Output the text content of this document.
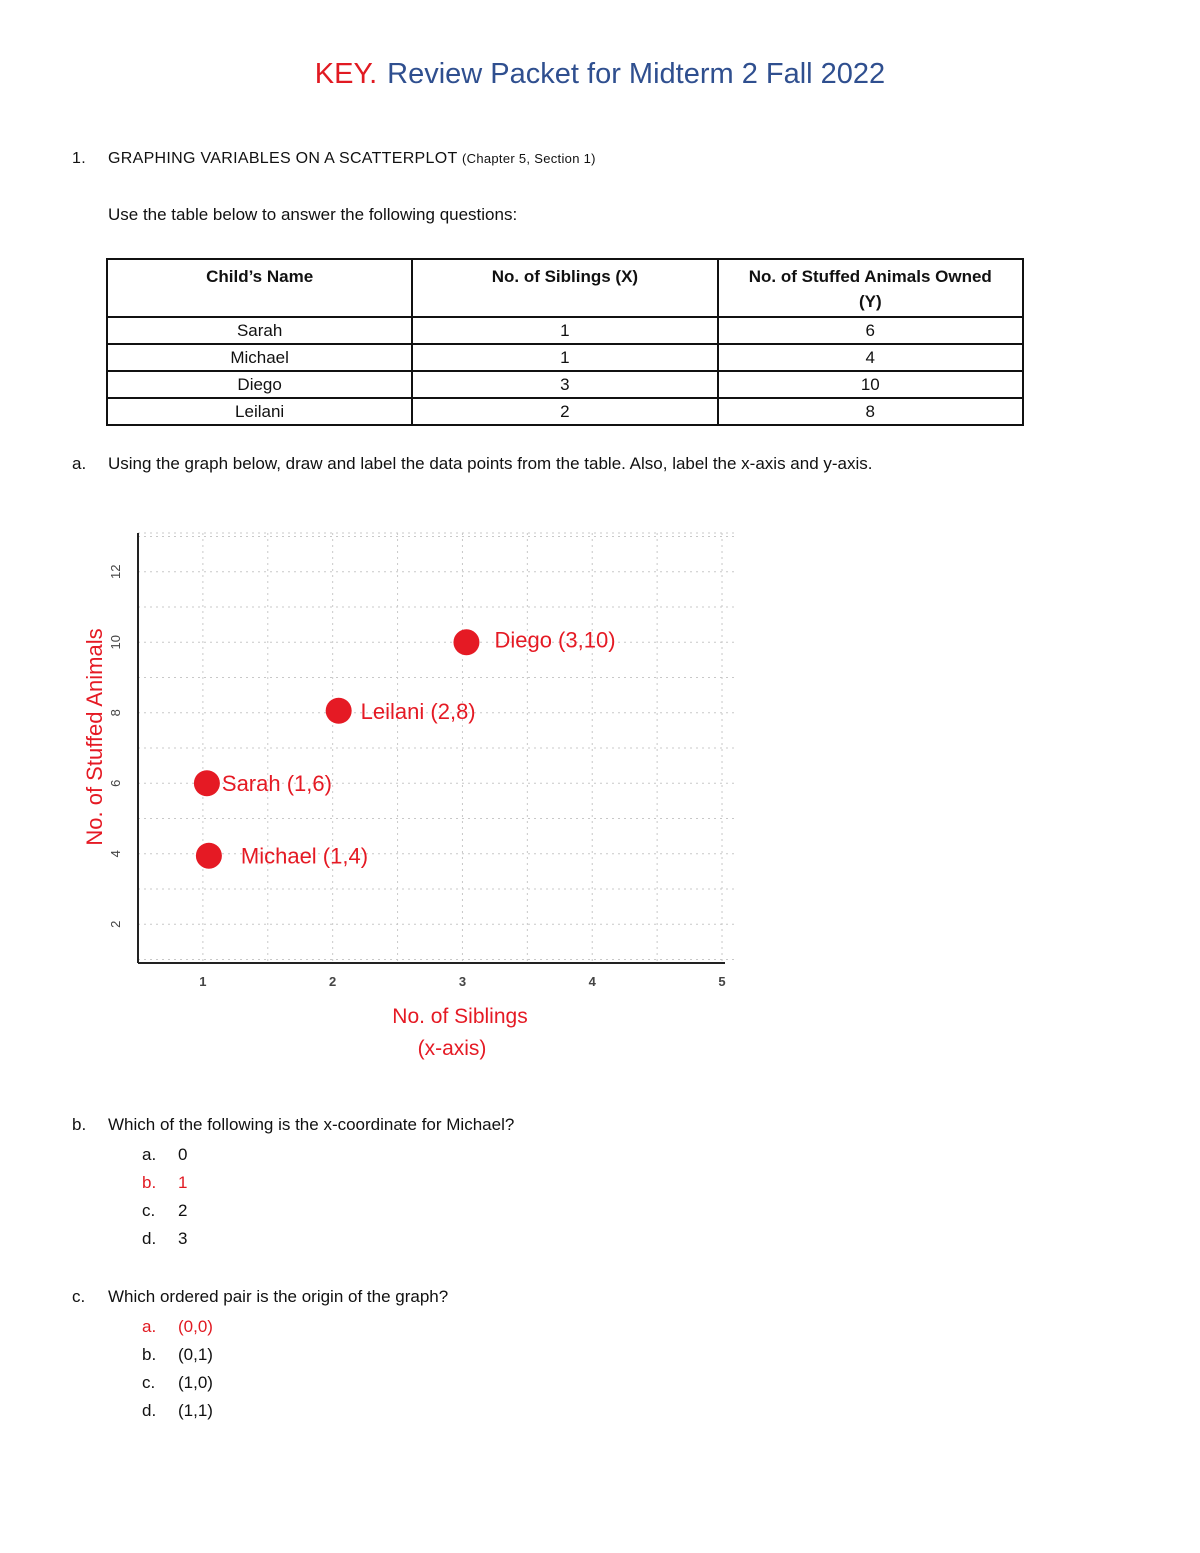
KEY. Review Packet for Midterm 2 Fall 2022
1. GRAPHING VARIABLES ON A SCATTERPLOT (Chapter 5, Section 1)
Use the table below to answer the following questions:
Child’s Name	No. of Siblings (X)	No. of Stuffed Animals Owned (Y)
Sarah	1	6
Michael	1	4
Diego	3	10
Leilani	2	8
a. Using the graph below, draw and label the data points from the table. Also, label the x-axis and y-axis.
1	2	3	4	5
2
4
6
8
10
12
Sarah (1,6)
Michael (1,4)
Leilani (2,8)
Diego (3,10)
No. of Stuffed Animals
No. of Siblings
(x-axis)
b. Which of the following is the x-coordinate for Michael?
a. 0
b. 1
c. 2
d. 3
c. Which ordered pair is the origin of the graph?
a. (0,0)
b. (0,1)
c. (1,0)
d. (1,1)
